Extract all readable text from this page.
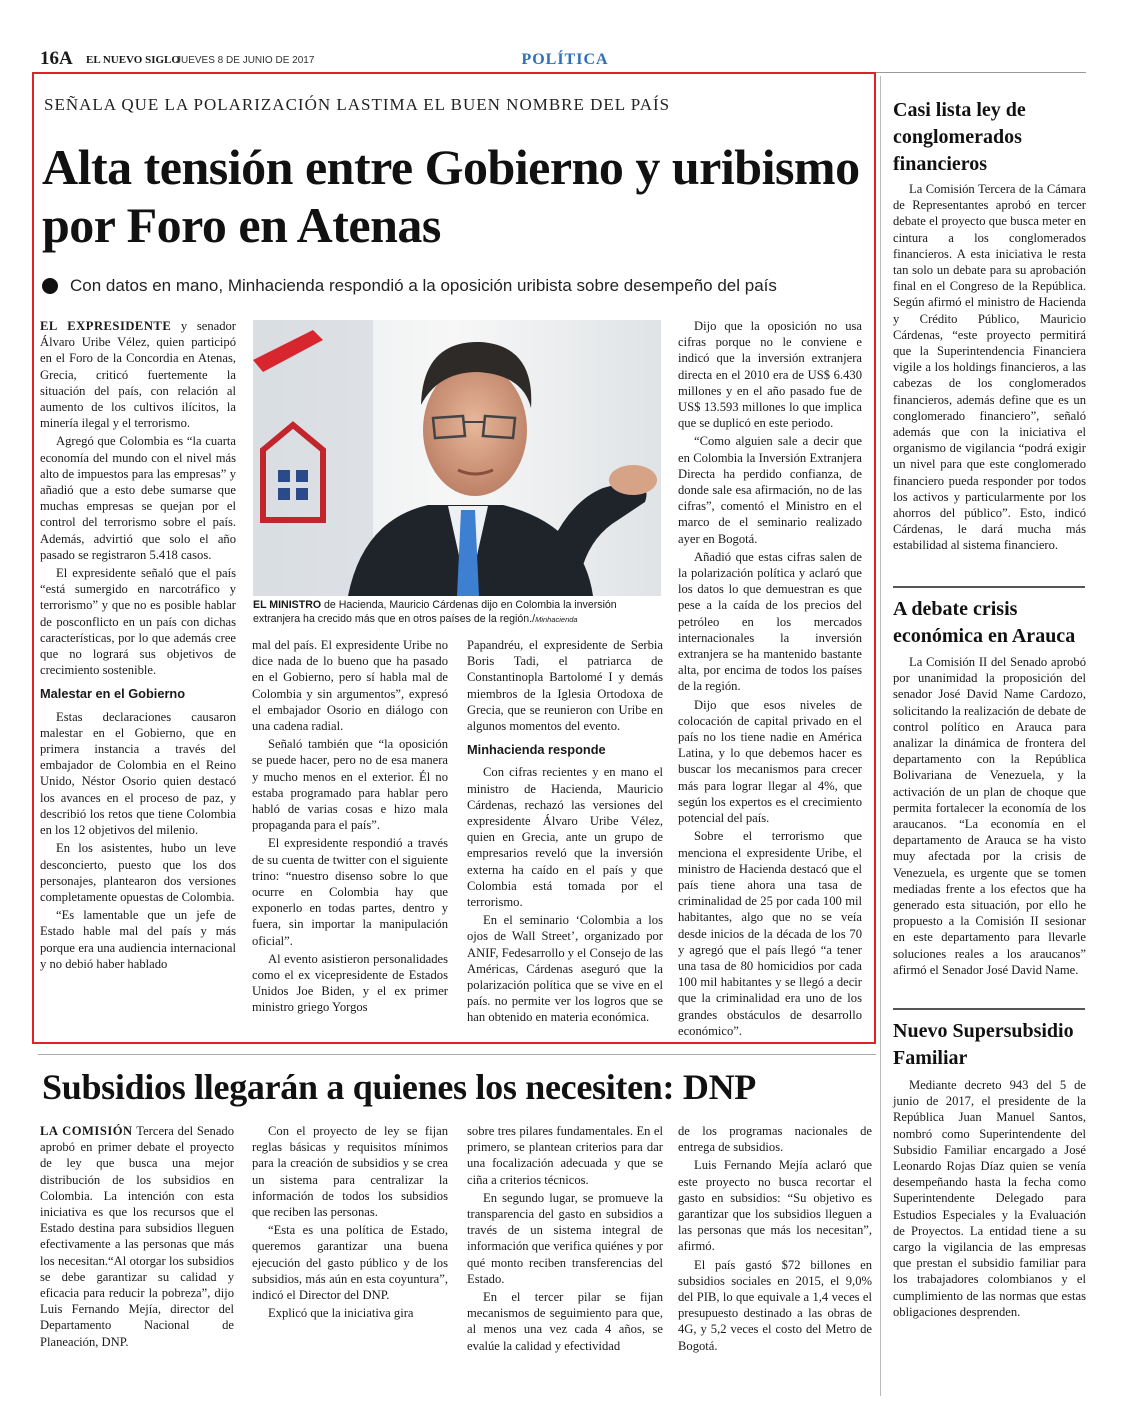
16A EL NUEVO SIGLO
JUEVES 8 DE JUNIO DE 2017	POLÍTICA
SEÑALA QUE LA POLARIZACIÓN LASTIMA EL BUEN NOMBRE DEL PAÍS
Alta tensión entre Gobierno y uribismo por Foro en Atenas
Con datos en mano, Minhacienda respondió a la oposición uribista sobre desempeño del país

EL EXPRESIDENTE y senador Álvaro Uribe Vélez, quien participó en el Foro de la Concordia en Atenas, Grecia, criticó fuertemente la situación del país, con relación al aumento de los cultivos ilícitos, la minería ilegal y el terrorismo.

Agregó que Colombia es “la cuarta economía del mundo con el nivel más alto de impuestos para las empresas” y añadió que a esto debe sumarse que muchas empresas se quejan por el control del terrorismo sobre el país. Además, advirtió que solo el año pasado se registraron 5.418 casos.

El expresidente señaló que el país “está sumergido en narcotráfico y terrorismo” y que no es posible hablar de posconflicto en un país con dichas características, por lo que además cree que no logrará sus objetivos de crecimiento sostenible.

Malestar en el Gobierno

Estas declaraciones causaron malestar en el Gobierno, que en primera instancia a través del embajador de Colombia en el Reino Unido, Néstor Osorio quien destacó los avances en el proceso de paz, y describió los retos que tiene Colombia en los 12 objetivos del milenio.

En los asistentes, hubo un leve desconcierto, puesto que los dos personajes, plantearon dos versiones completamente opuestas de Colombia.

“Es lamentable que un jefe de Estado hable mal del país y más porque era una audiencia internacional y no debió haber hablado

EL MINISTRO de Hacienda, Mauricio Cárdenas dijo en Colombia la inversión extranjera ha crecido más que en otros países de la región./Minhacienda

mal del país. El expresidente Uribe no dice nada de lo bueno que ha pasado en el Gobierno, pero sí habla mal de Colombia y sin argumentos”, expresó el embajador Osorio en diálogo con una cadena radial.

Señaló también que “la oposición se puede hacer, pero no de esa manera y mucho menos en el exterior. Él no estaba programado para hablar pero habló de varias cosas e hizo mala propaganda para el país”.

El expresidente respondió a través de su cuenta de twitter con el siguiente trino: “nuestro disenso sobre lo que ocurre en Colombia hay que exponerlo en todas partes, dentro y fuera, sin importar la manipulación oficial”.

Al evento asistieron personalidades como el ex vicepresidente de Estados Unidos Joe Biden, y el ex primer ministro griego Yorgos

Papandréu, el expresidente de Serbia Boris Tadi, el patriarca de Constantinopla Bartolomé I y demás miembros de la Iglesia Ortodoxa de Grecia, que se reunieron con Uribe en algunos momentos del evento.

Minhacienda responde

Con cifras recientes y en mano el ministro de Hacienda, Mauricio Cárdenas, rechazó las versiones del expresidente Álvaro Uribe Vélez, quien en Grecia, ante un grupo de empresarios reveló que la inversión externa ha caído en el país y que Colombia está tomada por el terrorismo.

En el seminario ‘Colombia a los ojos de Wall Street’, organizado por ANIF, Fedesarrollo y el Consejo de las Américas, Cárdenas aseguró que la polarización política que se vive en el país. no permite ver los logros que se han obtenido en materia económica.

Dijo que la oposición no usa cifras porque no le conviene e indicó que la inversión extranjera directa en el 2010 era de US$ 6.430 millones y en el año pasado fue de US$ 13.593 millones lo que implica que se duplicó en este periodo.

“Como alguien sale a decir que en Colombia la Inversión Extranjera Directa ha perdido confianza, de donde sale esa afirmación, no de las cifras”, comentó el Ministro en el marco de el seminario realizado ayer en Bogotá.

Añadió que estas cifras salen de la polarización política y aclaró que los datos lo que demuestran es que pese a la caída de los precios del petróleo en los mercados internacionales la inversión extranjera se ha mantenido bastante alta, por encima de todos los países de la región.

Dijo que esos niveles de colocación de capital privado en el país no los tiene nadie en América Latina, y lo que debemos hacer es buscar los mecanismos para crecer más para lograr llegar al 4%, que según los expertos es el crecimiento potencial del país.

Sobre el terrorismo que menciona el expresidente Uribe, el ministro de Hacienda destacó que el país tiene ahora una tasa de criminalidad de 25 por cada 100 mil habitantes, algo que no se veía desde inicios de la década de los 70 y agregó que el país llegó “a tener una tasa de 80 homicidios por cada 100 mil habitantes y se llegó a decir que la criminalidad era uno de los grandes obstáculos de desarrollo económico”.

Casi lista ley de conglomerados financieros

La Comisión Tercera de la Cámara de Representantes aprobó en tercer debate el proyecto que busca meter en cintura a los conglomerados financieros. A esta iniciativa le resta tan solo un debate para su aprobación final en el Congreso de la República. Según afirmó el ministro de Hacienda y Crédito Público, Mauricio Cárdenas, “este proyecto permitirá que la Superintendencia Financiera vigile a los holdings financieros, a las cabezas de los conglomerados financieros, además define que es un conglomerado financiero”, señaló además que con la iniciativa el organismo de vigilancia “podrá exigir un nivel para que este conglomerado financiero pueda responder por todos los activos y particularmente por los ahorros del público”. Esto, indicó Cárdenas, le dará mucha más estabilidad al sistema financiero.

A debate crisis económica en Arauca

La Comisión II del Senado aprobó por unanimidad la proposición del senador José David Name Cardozo, solicitando la realización de debate de control político en Arauca para analizar la dinámica de frontera del departamento con la República Bolivariana de Venezuela, y la activación de un plan de choque que permita fortalecer la economía de los araucanos. “La economía en el departamento de Arauca se ha visto muy afectada por la crisis de Venezuela, es urgente que se tomen mediadas frente a los efectos que ha generado esta situación, por ello he propuesto a la Comisión II sesionar en este departamento para llevarle soluciones reales a los araucanos” afirmó el Senador José David Name.

Nuevo Supersubsidio Familiar

Mediante decreto 943 del 5 de junio de 2017, el presidente de la República Juan Manuel Santos, nombró como Superintendente del Subsidio Familiar encargado a José Leonardo Rojas Díaz quien se venía desempeñando hasta la fecha como Superintendente Delegado para Estudios Especiales y la Evaluación de Proyectos. La entidad tiene a su cargo la vigilancia de las empresas que prestan el subsidio familiar para los trabajadores colombianos y el cumplimiento de las normas que estas obligaciones desprenden.

Subsidios llegarán a quienes los necesiten: DNP

LA COMISIÓN Tercera del Senado aprobó en primer debate el proyecto de ley que busca una mejor distribución de los subsidios en Colombia. La intención con esta iniciativa es que los recursos que el Estado destina para subsidios lleguen efectivamente a las personas que más los necesitan.“Al otorgar los subsidios se debe garantizar su calidad y eficacia para reducir la pobreza”, dijo Luis Fernando Mejía, director del Departamento Nacional de Planeación, DNP.

Con el proyecto de ley se fijan reglas básicas y requisitos mínimos para la creación de subsidios y se crea un sistema para centralizar la información de todos los subsidios que reciben las personas.

“Esta es una política de Estado, queremos garantizar una buena ejecución del gasto público y de los subsidios, más aún en esta coyuntura”, indicó el Director del DNP.

Explicó que la iniciativa gira

sobre tres pilares fundamentales. En el primero, se plantean criterios para dar una focalización adecuada y que se ciña a criterios técnicos.

En segundo lugar, se promueve la transparencia del gasto en subsidios a través de un sistema integral de información que verifica quiénes y por qué monto reciben transferencias del Estado.

En el tercer pilar se fijan mecanismos de seguimiento para que, al menos una vez cada 4 años, se evalúe la calidad y efectividad

de los programas nacionales de entrega de subsidios.

Luis Fernando Mejía aclaró que este proyecto no busca recortar el gasto en subsidios: “Su objetivo es garantizar que los subsidios lleguen a las personas que más los necesitan”, afirmó.

El país gastó $72 billones en subsidios sociales en 2015, el 9,0% del PIB, lo que equivale a 1,4 veces el presupuesto destinado a las obras de 4G, y 5,2 veces el costo del Metro de Bogotá.
